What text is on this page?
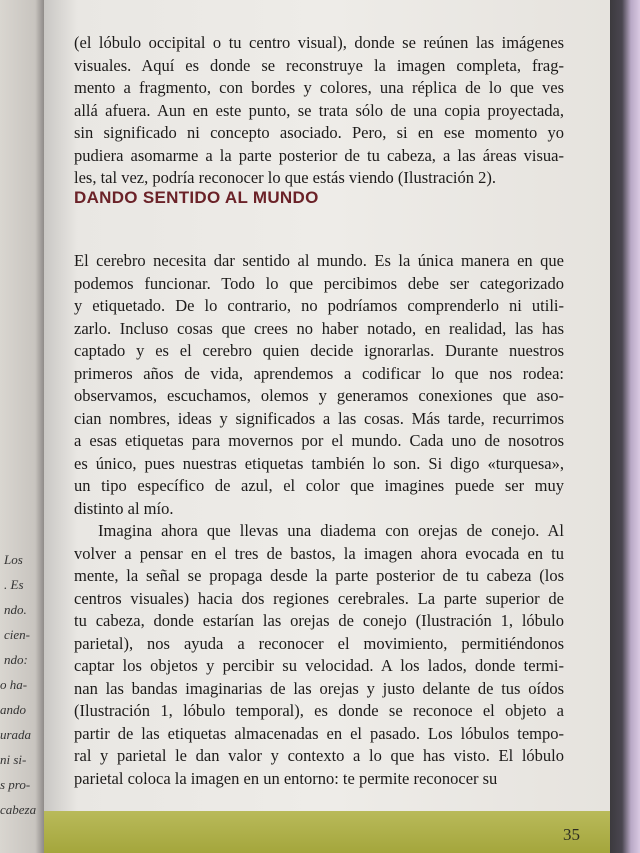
Los
. Es
ndo.
cien-
ndo:
o ha-
ando
urada
ni si-
s pro-
cabeza
(el lóbulo occipital o tu centro visual), donde se reúnen las imágenes
visuales. Aquí es donde se reconstruye la imagen completa, frag-
mento a fragmento, con bordes y colores, una réplica de lo que ves
allá afuera. Aun en este punto, se trata sólo de una copia proyectada,
sin significado ni concepto asociado. Pero, si en ese momento yo
pudiera asomarme a la parte posterior de tu cabeza, a las áreas visua-
les, tal vez, podría reconocer lo que estás viendo (Ilustración 2).
DANDO SENTIDO AL MUNDO
El cerebro necesita dar sentido al mundo. Es la única manera en que
podemos funcionar. Todo lo que percibimos debe ser categorizado
y etiquetado. De lo contrario, no podríamos comprenderlo ni utili-
zarlo. Incluso cosas que crees no haber notado, en realidad, las has
captado y es el cerebro quien decide ignorarlas. Durante nuestros
primeros años de vida, aprendemos a codificar lo que nos rodea:
observamos, escuchamos, olemos y generamos conexiones que aso-
cian nombres, ideas y significados a las cosas. Más tarde, recurrimos
a esas etiquetas para movernos por el mundo. Cada uno de nosotros
es único, pues nuestras etiquetas también lo son. Si digo «turquesa»,
un tipo específico de azul, el color que imagines puede ser muy
distinto al mío.
Imagina ahora que llevas una diadema con orejas de conejo. Al
volver a pensar en el tres de bastos, la imagen ahora evocada en tu
mente, la señal se propaga desde la parte posterior de tu cabeza (los
centros visuales) hacia dos regiones cerebrales. La parte superior de
tu cabeza, donde estarían las orejas de conejo (Ilustración 1, lóbulo
parietal), nos ayuda a reconocer el movimiento, permitiéndonos
captar los objetos y percibir su velocidad. A los lados, donde termi-
nan las bandas imaginarias de las orejas y justo delante de tus oídos
(Ilustración 1, lóbulo temporal), es donde se reconoce el objeto a
partir de las etiquetas almacenadas en el pasado. Los lóbulos tempo-
ral y parietal le dan valor y contexto a lo que has visto. El lóbulo
parietal coloca la imagen en un entorno: te permite reconocer su
35
